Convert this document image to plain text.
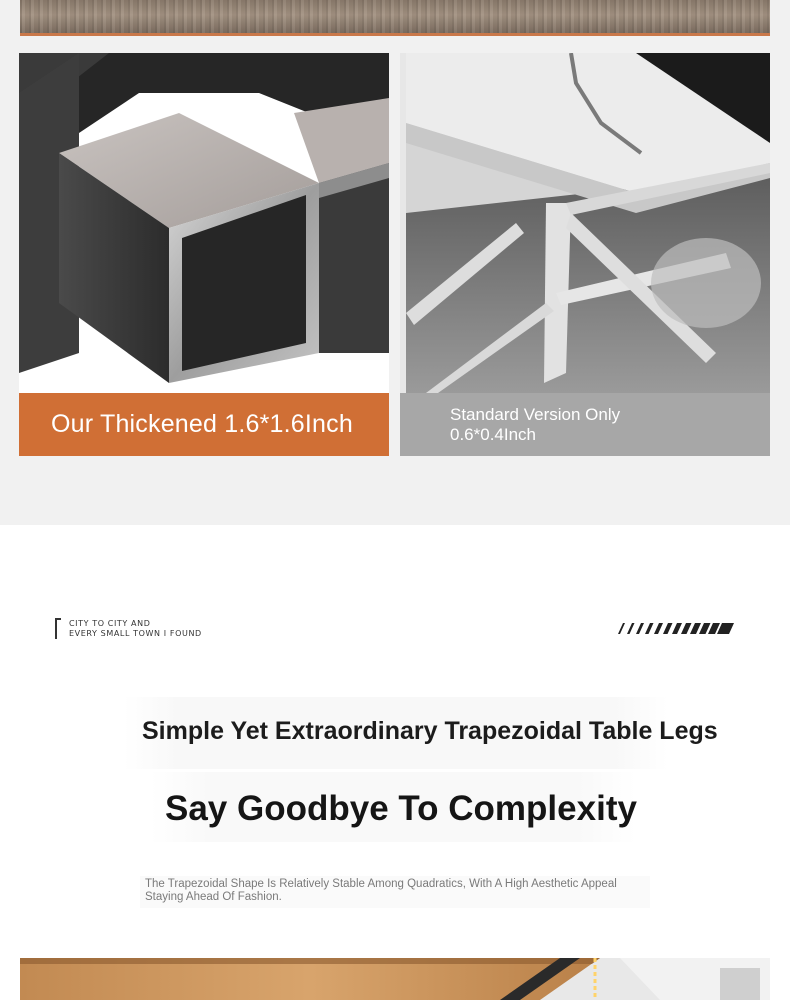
Our Thickened 1.6*1.6Inch	Standard Version Only
0.6*0.4Inch
CITY TO CITY AND
EVERY SMALL TOWN I FOUND
Simple Yet Extraordinary Trapezoidal Table Legs
Say Goodbye To Complexity
The Trapezoidal Shape Is Relatively Stable Among Quadratics, With A High Aesthetic Appeal
Staying Ahead Of Fashion.
